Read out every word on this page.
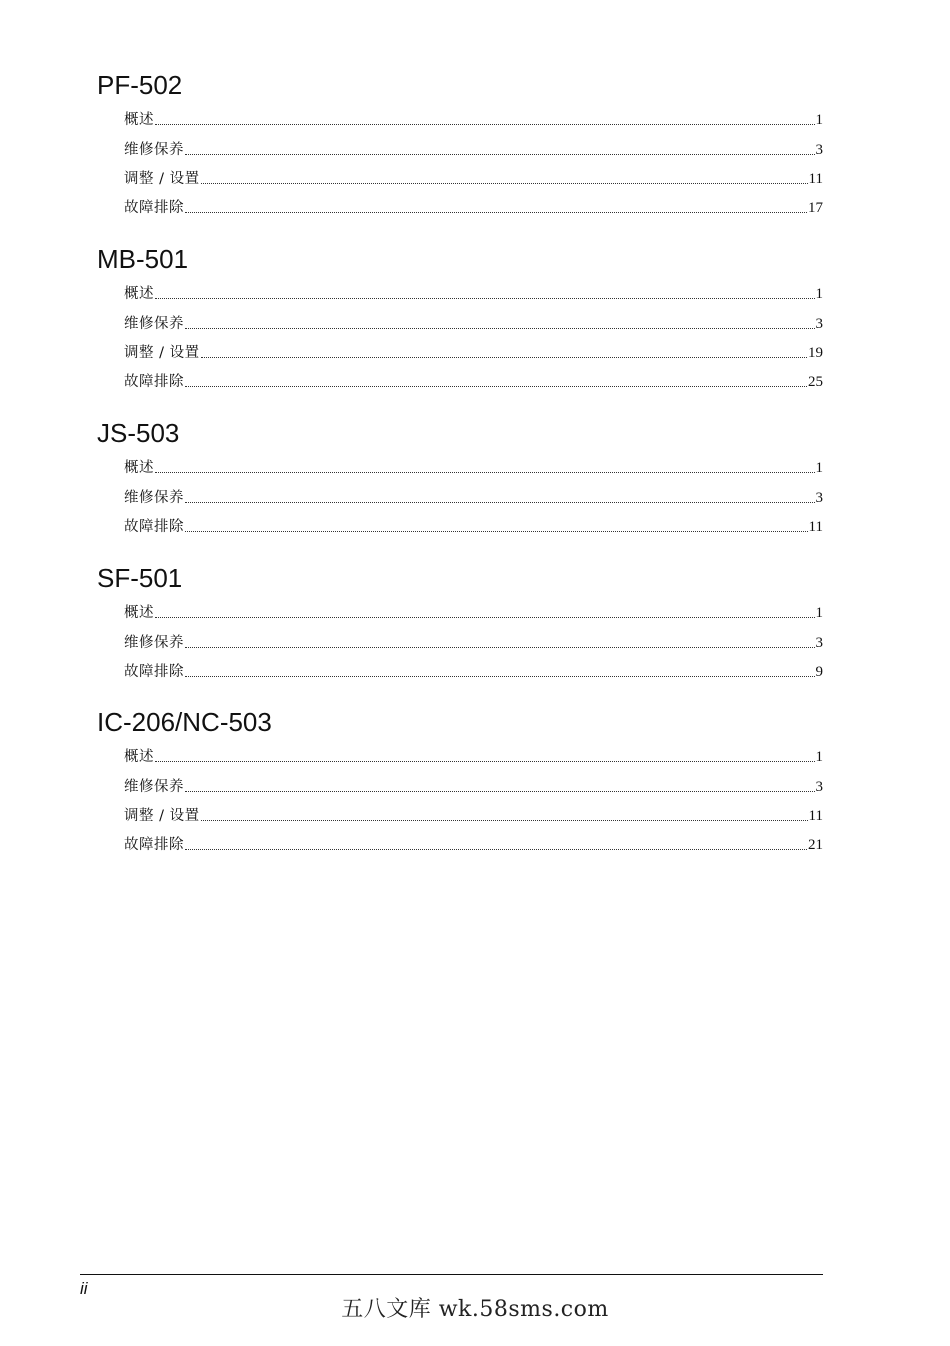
PF-502
概述	1
维修保养	3
调整 / 设置	11
故障排除	17
MB-501
概述	1
维修保养	3
调整 / 设置	19
故障排除	25
JS-503
概述	1
维修保养	3
故障排除	11
SF-501
概述	1
维修保养	3
故障排除	9
IC-206/NC-503
概述	1
维修保养	3
调整 / 设置	11
故障排除	21
ii
五八文库 wk.58sms.com
